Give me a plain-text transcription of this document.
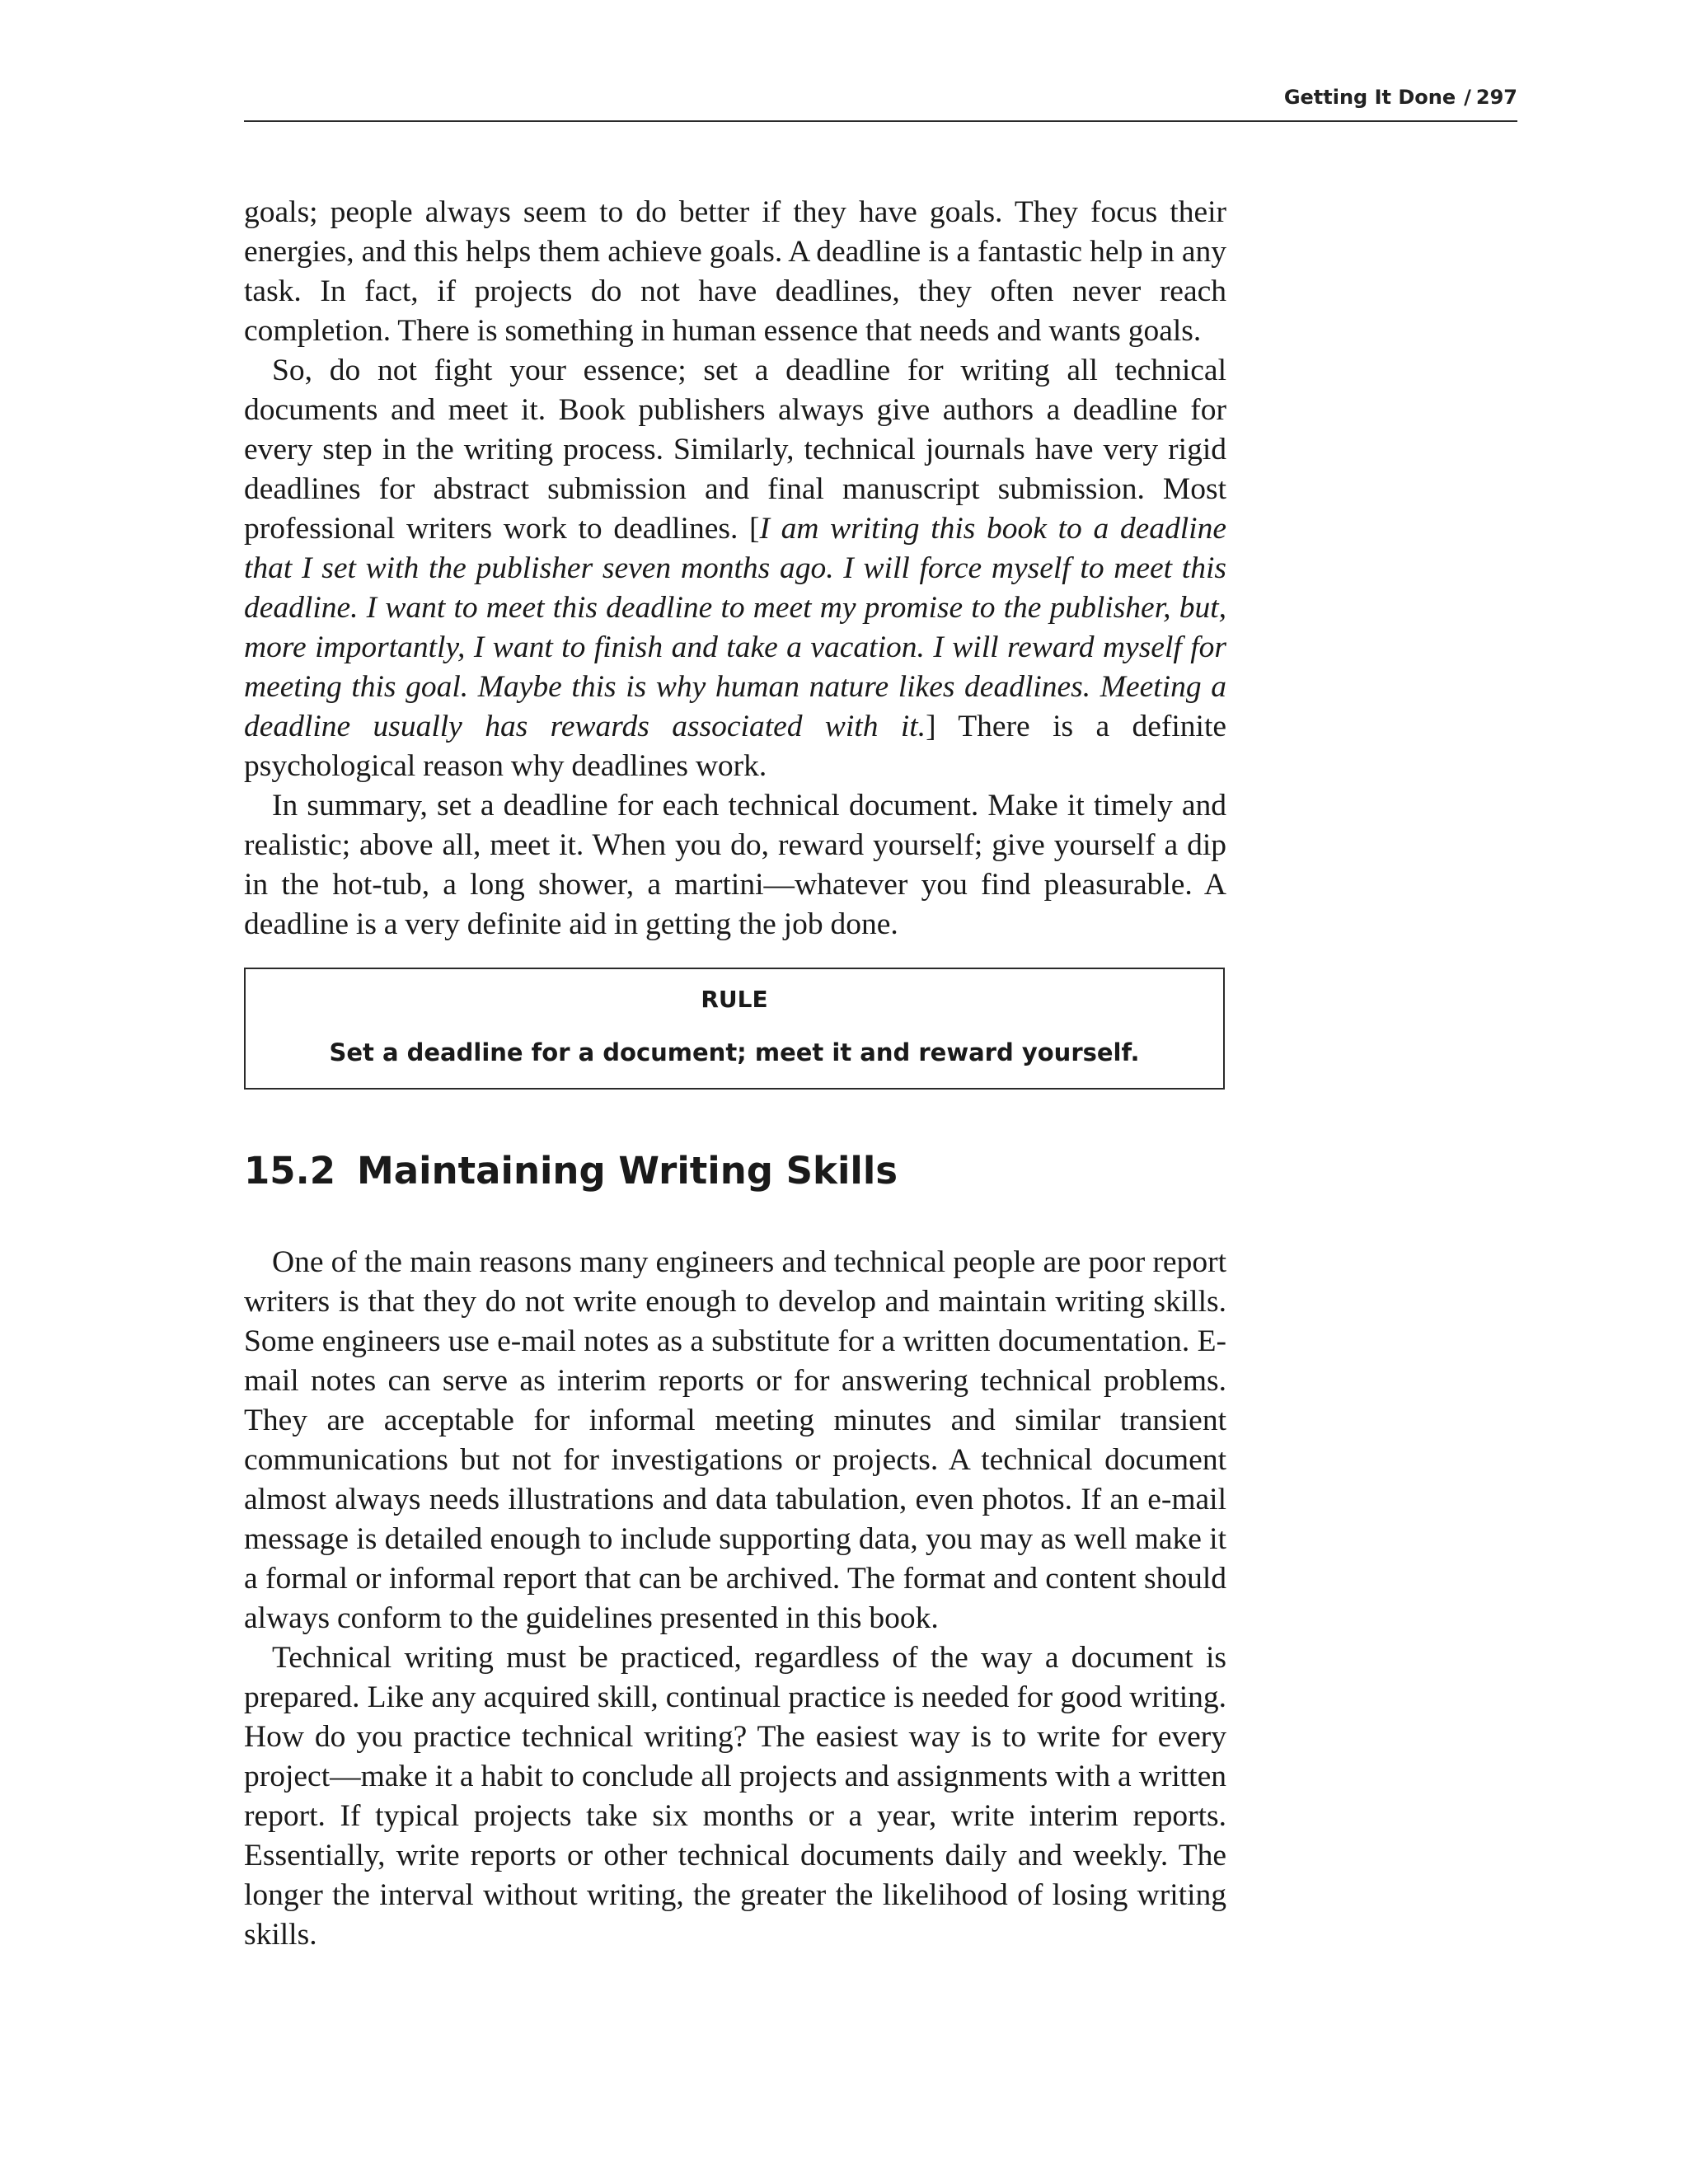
Getting It Done / 297

goals; people always seem to do better if they have goals. They focus their energies, and this helps them achieve goals. A deadline is a fantastic help in any task. In fact, if projects do not have deadlines, they often never reach completion. There is something in human essence that needs and wants goals.

So, do not fight your essence; set a deadline for writing all technical documents and meet it. Book publishers always give authors a deadline for every step in the writing process. Similarly, technical journals have very rigid deadlines for abstract submission and final manuscript submission. Most professional writers work to deadlines. [I am writing this book to a deadline that I set with the publisher seven months ago. I will force myself to meet this deadline. I want to meet this deadline to meet my promise to the publisher, but, more importantly, I want to finish and take a vacation. I will reward myself for meeting this goal. Maybe this is why human nature likes deadlines. Meeting a deadline usually has rewards associated with it.] There is a definite psychological reason why deadlines work.

In summary, set a deadline for each technical document. Make it timely and realistic; above all, meet it. When you do, reward yourself; give yourself a dip in the hot-tub, a long shower, a martini—whatever you find pleasurable. A deadline is a very definite aid in getting the job done.

RULE
Set a deadline for a document; meet it and reward yourself.
15.2 Maintaining Writing Skills

One of the main reasons many engineers and technical people are poor report writers is that they do not write enough to develop and maintain writing skills. Some engineers use e-mail notes as a substitute for a written documentation. E-mail notes can serve as interim reports or for answering technical problems. They are acceptable for informal meeting minutes and similar transient communications but not for investigations or projects. A technical document almost always needs illustrations and data tabulation, even photos. If an e-mail message is detailed enough to include supporting data, you may as well make it a formal or informal report that can be archived. The format and content should always conform to the guidelines presented in this book.

Technical writing must be practiced, regardless of the way a document is prepared. Like any acquired skill, continual practice is needed for good writing. How do you practice technical writing? The easiest way is to write for every project—make it a habit to conclude all projects and assignments with a written report. If typical projects take six months or a year, write interim reports. Essentially, write reports or other technical documents daily and weekly. The longer the interval without writing, the greater the likelihood of losing writing skills.
